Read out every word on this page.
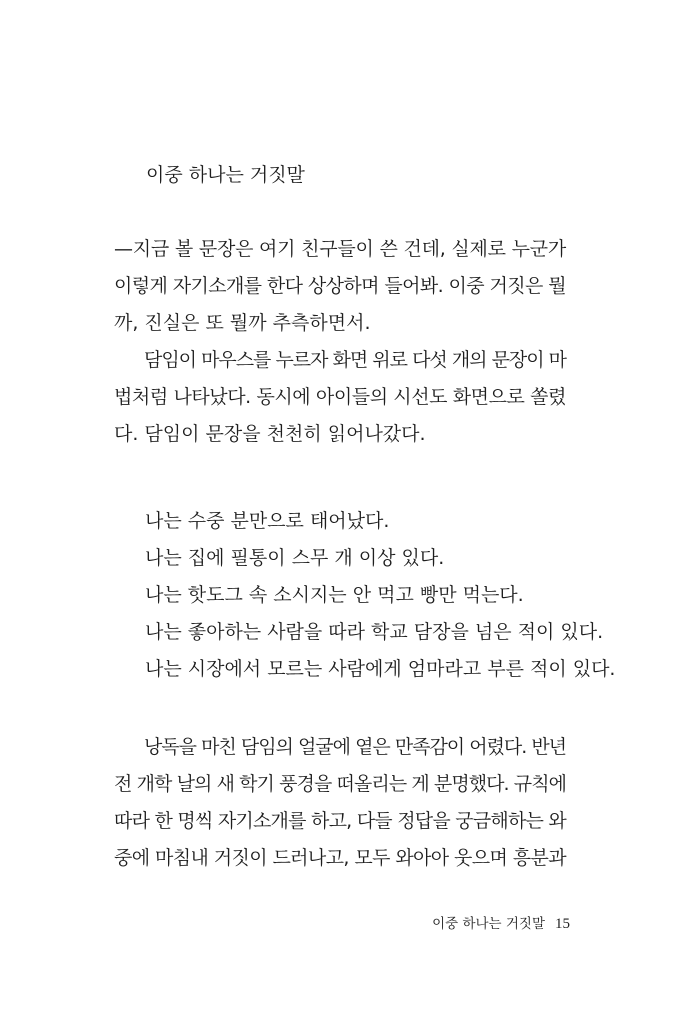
이중 하나는 거짓말
—지금 볼 문장은 여기 친구들이 쓴 건데, 실제로 누군가
이렇게 자기소개를 한다 상상하며 들어봐. 이중 거짓은 뭘
까, 진실은 또 뭘까 추측하면서.
담임이 마우스를 누르자 화면 위로 다섯 개의 문장이 마
법처럼 나타났다. 동시에 아이들의 시선도 화면으로 쏠렸
다. 담임이 문장을 천천히 읽어나갔다.
나는 수중 분만으로 태어났다.
나는 집에 필통이 스무 개 이상 있다.
나는 핫도그 속 소시지는 안 먹고 빵만 먹는다.
나는 좋아하는 사람을 따라 학교 담장을 넘은 적이 있다.
나는 시장에서 모르는 사람에게 엄마라고 부른 적이 있다.
낭독을 마친 담임의 얼굴에 옅은 만족감이 어렸다. 반년
전 개학 날의 새 학기 풍경을 떠올리는 게 분명했다. 규칙에
따라 한 명씩 자기소개를 하고, 다들 정답을 궁금해하는 와
중에 마침내 거짓이 드러나고, 모두 와아아 웃으며 흥분과
이중 하나는 거짓말 15
